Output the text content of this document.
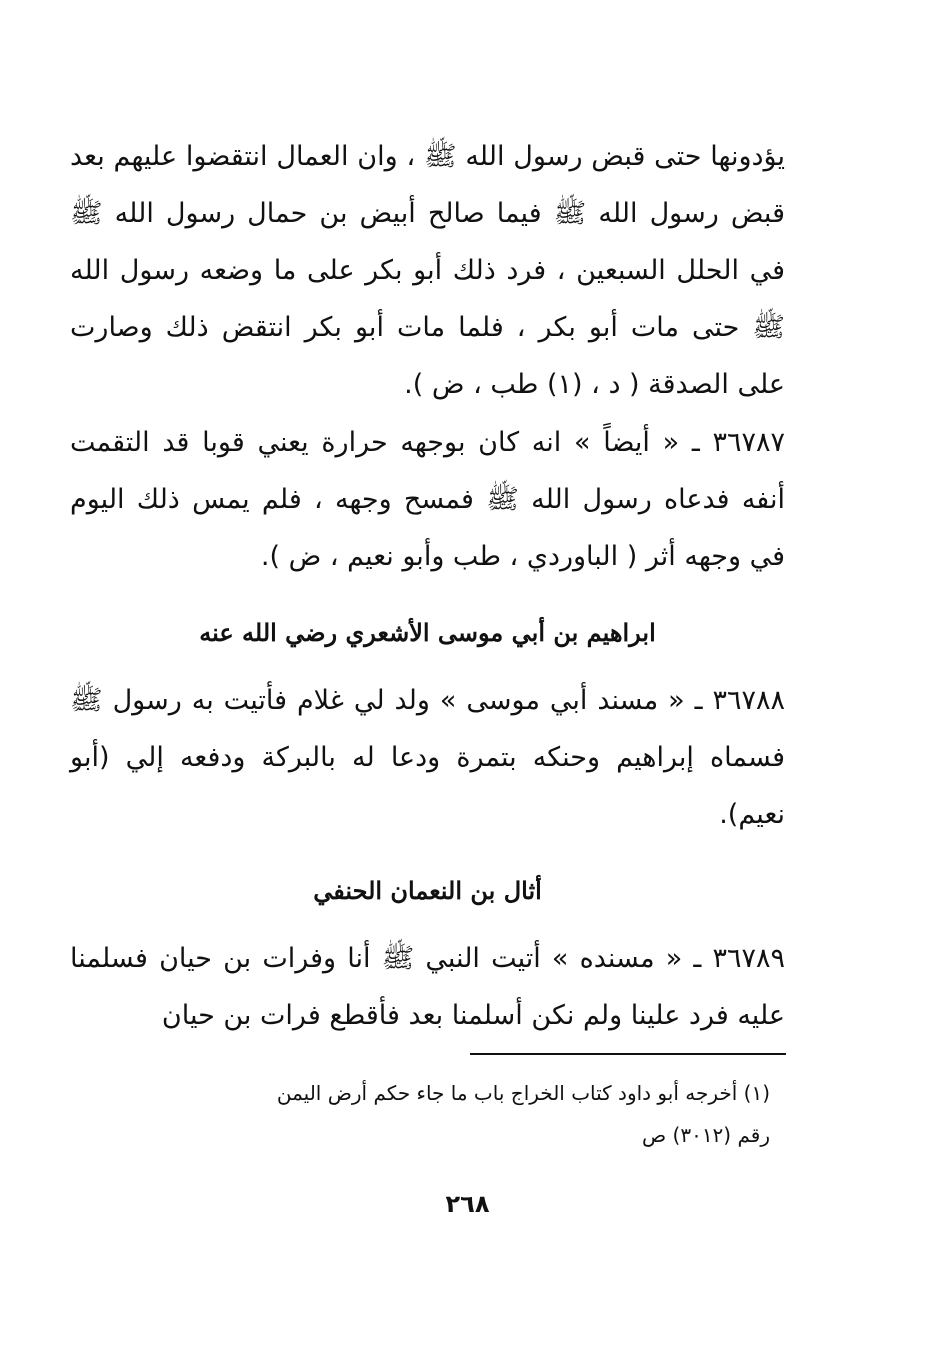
يؤدونها حتى قبض رسول الله ﷺ ، وان العمال انتقضوا عليهم بعد قبض رسول الله ﷺ فيما صالح أبيض بن حمال رسول الله ﷺ في الحلل السبعين ، فرد ذلك أبو بكر على ما وضعه رسول الله ﷺ حتى مات أبو بكر ، فلما مات أبو بكر انتقض ذلك وصارت على الصدقة ( د ، (١) طب ، ض ).

٣٦٧٨٧ ـ « أيضاً » انه كان بوجهه حرارة يعني قوبا قد التقمت أنفه فدعاه رسول الله ﷺ فمسح وجهه ، فلم يمس ذلك اليوم في وجهه أثر ( الباوردي ، طب وأبو نعيم ، ض ).

ابراهيم بن أبي موسى الأشعري رضي الله عنه

٣٦٧٨٨ ـ « مسند أبي موسى » ولد لي غلام فأتيت به رسول ﷺ فسماه إبراهيم وحنكه بتمرة ودعا له بالبركة ودفعه إلي (أبو نعيم).

أثال بن النعمان الحنفي

٣٦٧٨٩ ـ « مسنده » أتيت النبي ﷺ أنا وفرات بن حيان فسلمنا عليه فرد علينا ولم نكن أسلمنا بعد فأقطع فرات بن حيان

(١) أخرجه أبو داود كتاب الخراج باب ما جاء حكم أرض اليمن

رقم (٣٠١٢) ص

٢٦٨
